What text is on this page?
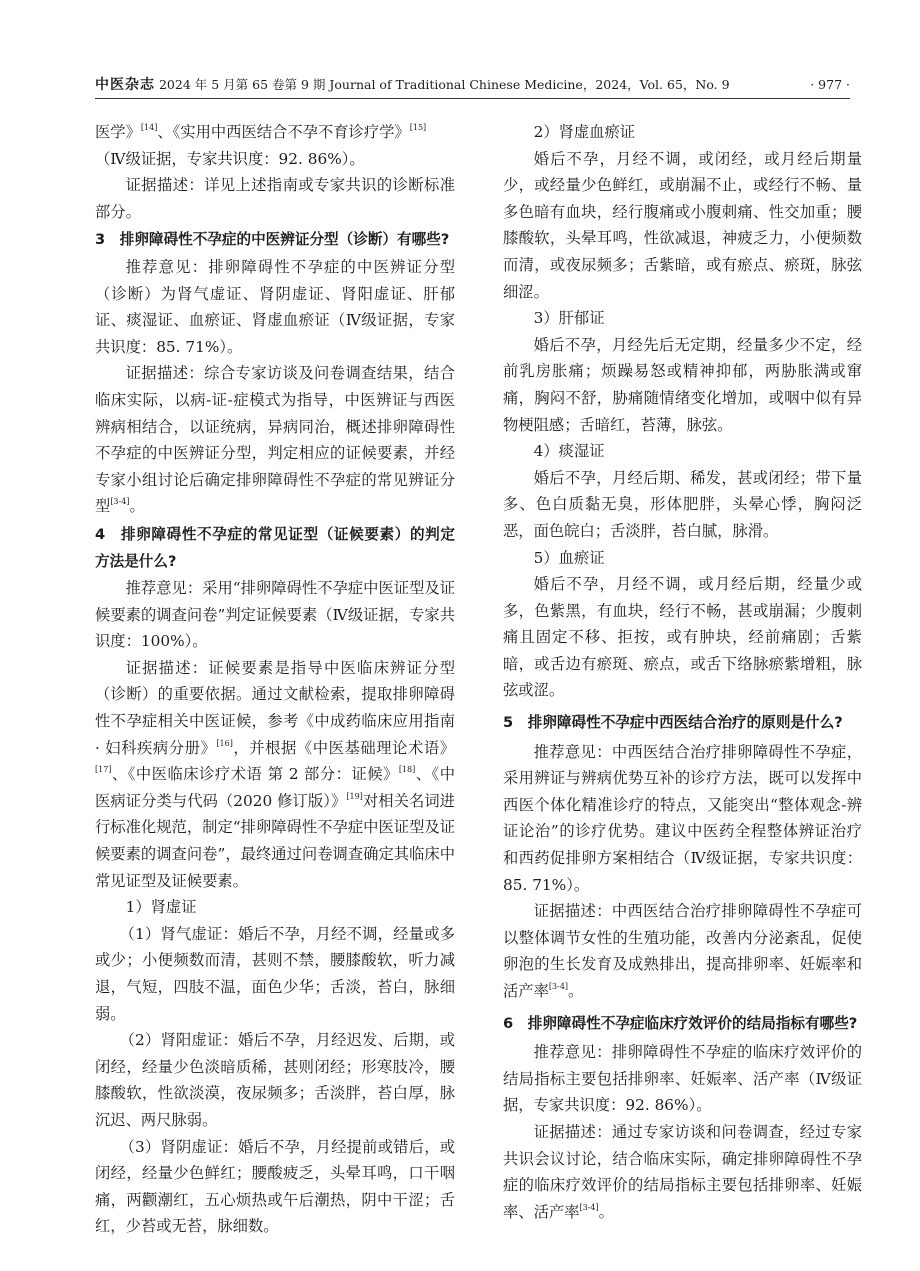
中医杂志 2024 年 5 月第 65 卷第 9 期 Journal of Traditional Chinese Medicine，2024，Vol. 65，No. 9	· 977 ·

医学》[14]、《实用中西医结合不孕不育诊疗学》[15]
（Ⅳ级证据，专家共识度：92. 86%）。

证据描述：详见上述指南或专家共识的诊断标准部分。

3　排卵障碍性不孕症的中医辨证分型（诊断）有哪些?

推荐意见：排卵障碍性不孕症的中医辨证分型（诊断）为肾气虚证、肾阴虚证、肾阳虚证、肝郁证、痰湿证、血瘀证、肾虚血瘀证（Ⅳ级证据，专家共识度：85. 71%）。

证据描述：综合专家访谈及问卷调查结果，结合临床实际，以病-证-症模式为指导，中医辨证与西医辨病相结合，以证统病，异病同治，概述排卵障碍性不孕症的中医辨证分型，判定相应的证候要素，并经专家小组讨论后确定排卵障碍性不孕症的常见辨证分型[3-4]。

4　排卵障碍性不孕症的常见证型（证候要素）的判定方法是什么?

推荐意见：采用“排卵障碍性不孕症中医证型及证候要素的调查问卷”判定证候要素（Ⅳ级证据，专家共识度：100%）。

证据描述：证候要素是指导中医临床辨证分型（诊断）的重要依据。通过文献检索，提取排卵障碍性不孕症相关中医证候，参考《中成药临床应用指南 · 妇科疾病分册》[16]，并根据《中医基础理论术语》[17]、《中医临床诊疗术语 第 2 部分：证候》[18]、《中医病证分类与代码（2020 修订版）》[19]对相关名词进行标准化规范，制定“排卵障碍性不孕症中医证型及证候要素的调查问卷”，最终通过问卷调查确定其临床中常见证型及证候要素。

1）肾虚证

（1）肾气虚证：婚后不孕，月经不调，经量或多或少；小便频数而清，甚则不禁，腰膝酸软，听力减退，气短，四肢不温，面色少华；舌淡，苔白，脉细弱。

（2）肾阳虚证：婚后不孕，月经迟发、后期，或闭经，经量少色淡暗质稀，甚则闭经；形寒肢冷，腰膝酸软，性欲淡漠，夜尿频多；舌淡胖，苔白厚，脉沉迟、两尺脉弱。

（3）肾阴虚证：婚后不孕，月经提前或错后，或闭经，经量少色鲜红；腰酸疲乏，头晕耳鸣，口干咽痛，两颧潮红，五心烦热或午后潮热，阴中干涩；舌红，少苔或无苔，脉细数。

2）肾虚血瘀证

婚后不孕，月经不调，或闭经，或月经后期量少，或经量少色鲜红，或崩漏不止，或经行不畅、量多色暗有血块，经行腹痛或小腹刺痛、性交加重；腰膝酸软，头晕耳鸣，性欲减退，神疲乏力，小便频数而清，或夜尿频多；舌紫暗，或有瘀点、瘀斑，脉弦细涩。

3）肝郁证

婚后不孕，月经先后无定期，经量多少不定，经前乳房胀痛；烦躁易怒或精神抑郁，两胁胀满或窜痛，胸闷不舒，胁痛随情绪变化增加，或咽中似有异物梗阻感；舌暗红，苔薄，脉弦。

4）痰湿证

婚后不孕，月经后期、稀发，甚或闭经；带下量多、色白质黏无臭，形体肥胖，头晕心悸，胸闷泛恶，面色皖白；舌淡胖，苔白腻，脉滑。

5）血瘀证

婚后不孕，月经不调，或月经后期，经量少或多，色紫黑，有血块，经行不畅，甚或崩漏；少腹刺痛且固定不移、拒按，或有肿块，经前痛剧；舌紫暗，或舌边有瘀斑、瘀点，或舌下络脉瘀紫增粗，脉弦或涩。

5　排卵障碍性不孕症中西医结合治疗的原则是什么?

推荐意见：中西医结合治疗排卵障碍性不孕症，采用辨证与辨病优势互补的诊疗方法，既可以发挥中西医个体化精准诊疗的特点，又能突出“整体观念-辨证论治”的诊疗优势。建议中医药全程整体辨证治疗和西药促排卵方案相结合（Ⅳ级证据，专家共识度：85. 71%）。

证据描述：中西医结合治疗排卵障碍性不孕症可以整体调节女性的生殖功能，改善内分泌紊乱，促使卵泡的生长发育及成熟排出，提高排卵率、妊娠率和活产率[3-4]。

6　排卵障碍性不孕症临床疗效评价的结局指标有哪些?

推荐意见：排卵障碍性不孕症的临床疗效评价的结局指标主要包括排卵率、妊娠率、活产率（Ⅳ级证据，专家共识度：92. 86%）。

证据描述：通过专家访谈和问卷调查，经过专家共识会议讨论，结合临床实际，确定排卵障碍性不孕症的临床疗效评价的结局指标主要包括排卵率、妊娠率、活产率[3-4]。
